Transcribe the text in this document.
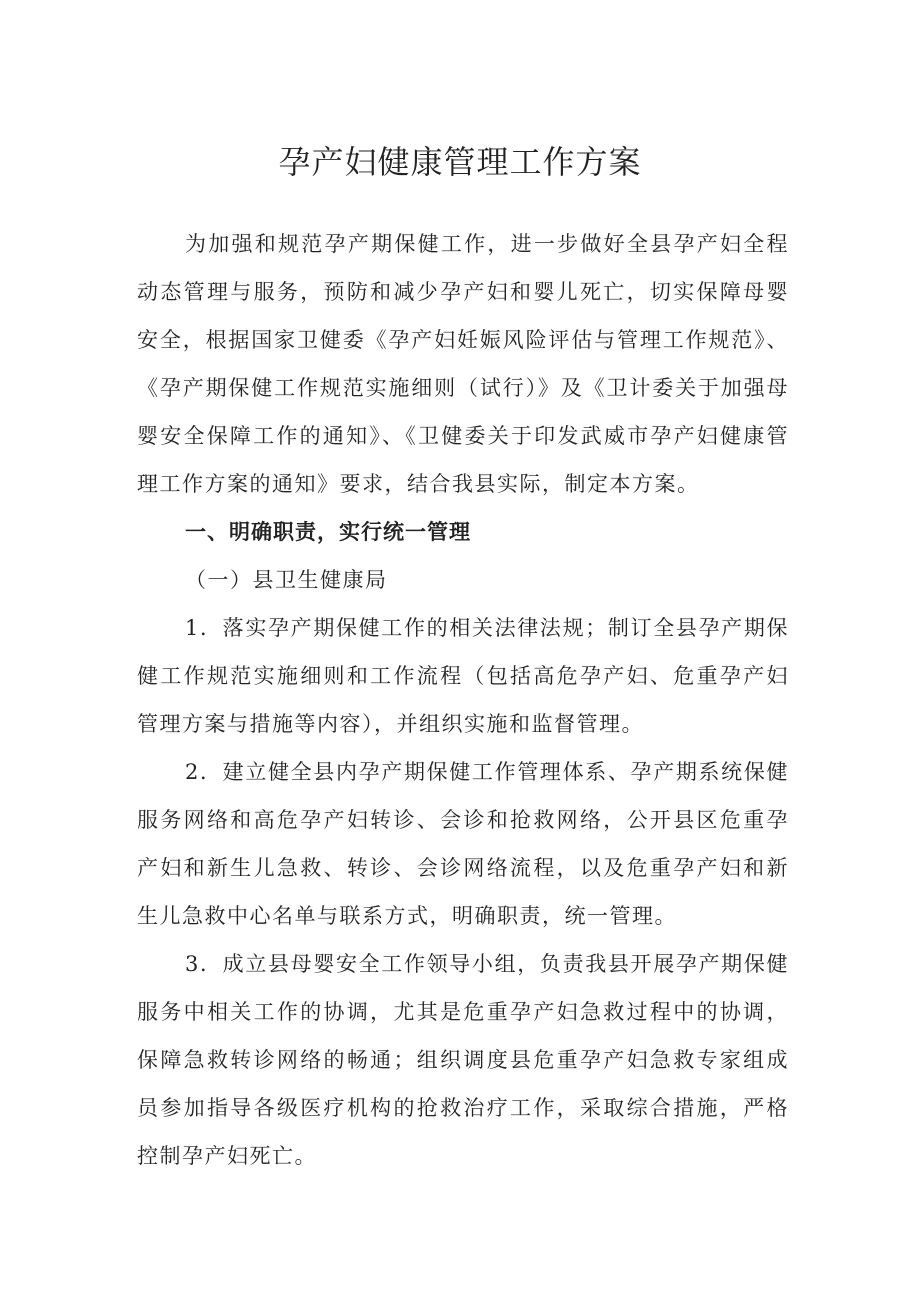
孕产妇健康管理工作方案

为加强和规范孕产期保健工作，进一步做好全县孕产妇全程动态管理与服务，预防和减少孕产妇和婴儿死亡，切实保障母婴安全，根据国家卫健委《孕产妇妊娠风险评估与管理工作规范》、《孕产期保健工作规范实施细则（试行）》及《卫计委关于加强母婴安全保障工作的通知》、《卫健委关于印发武威市孕产妇健康管理工作方案的通知》要求，结合我县实际，制定本方案。

一、明确职责，实行统一管理

（一）县卫生健康局

1．落实孕产期保健工作的相关法律法规；制订全县孕产期保健工作规范实施细则和工作流程（包括高危孕产妇、危重孕产妇管理方案与措施等内容），并组织实施和监督管理。

2．建立健全县内孕产期保健工作管理体系、孕产期系统保健服务网络和高危孕产妇转诊、会诊和抢救网络，公开县区危重孕产妇和新生儿急救、转诊、会诊网络流程，以及危重孕产妇和新生儿急救中心名单与联系方式，明确职责，统一管理。

3．成立县母婴安全工作领导小组，负责我县开展孕产期保健服务中相关工作的协调，尤其是危重孕产妇急救过程中的协调，保障急救转诊网络的畅通；组织调度县危重孕产妇急救专家组成员参加指导各级医疗机构的抢救治疗工作，采取综合措施，严格控制孕产妇死亡。
